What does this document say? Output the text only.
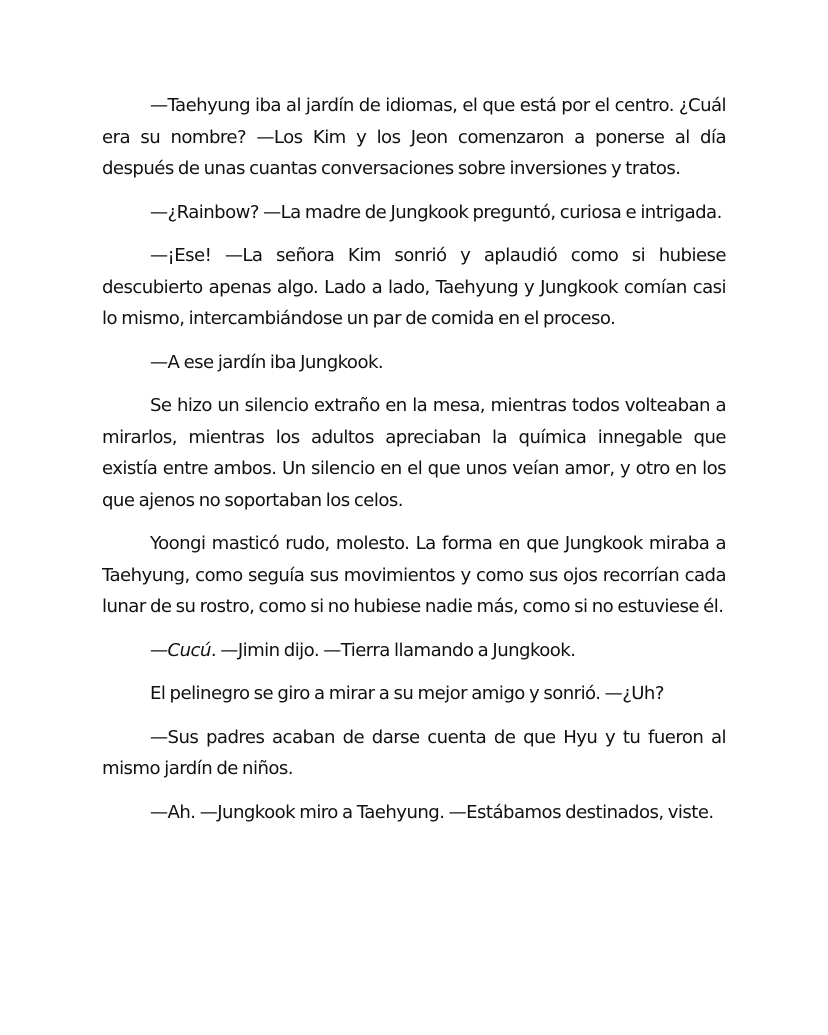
—Taehyung iba al jardín de idiomas, el que está por el centro. ¿Cuál era su nombre? —Los Kim y los Jeon comenzaron a ponerse al día después de unas cuantas conversaciones sobre inversiones y tratos.

—¿Rainbow? —La madre de Jungkook preguntó, curiosa e intrigada.

—¡Ese! —La señora Kim sonrió y aplaudió como si hubiese descubierto apenas algo. Lado a lado, Taehyung y Jungkook comían casi lo mismo, intercambiándose un par de comida en el proceso.

—A ese jardín iba Jungkook.

Se hizo un silencio extraño en la mesa, mientras todos volteaban a mirarlos, mientras los adultos apreciaban la química innegable que existía entre ambos. Un silencio en el que unos veían amor, y otro en los que ajenos no soportaban los celos.

Yoongi masticó rudo, molesto. La forma en que Jungkook miraba a Taehyung, como seguía sus movimientos y como sus ojos recorrían cada lunar de su rostro, como si no hubiese nadie más, como si no estuviese él.

—Cucú. —Jimin dijo. —Tierra llamando a Jungkook.

El pelinegro se giro a mirar a su mejor amigo y sonrió. —¿Uh?

—Sus padres acaban de darse cuenta de que Hyu y tu fueron al mismo jardín de niños.

—Ah. —Jungkook miro a Taehyung. —Estábamos destinados, viste.
